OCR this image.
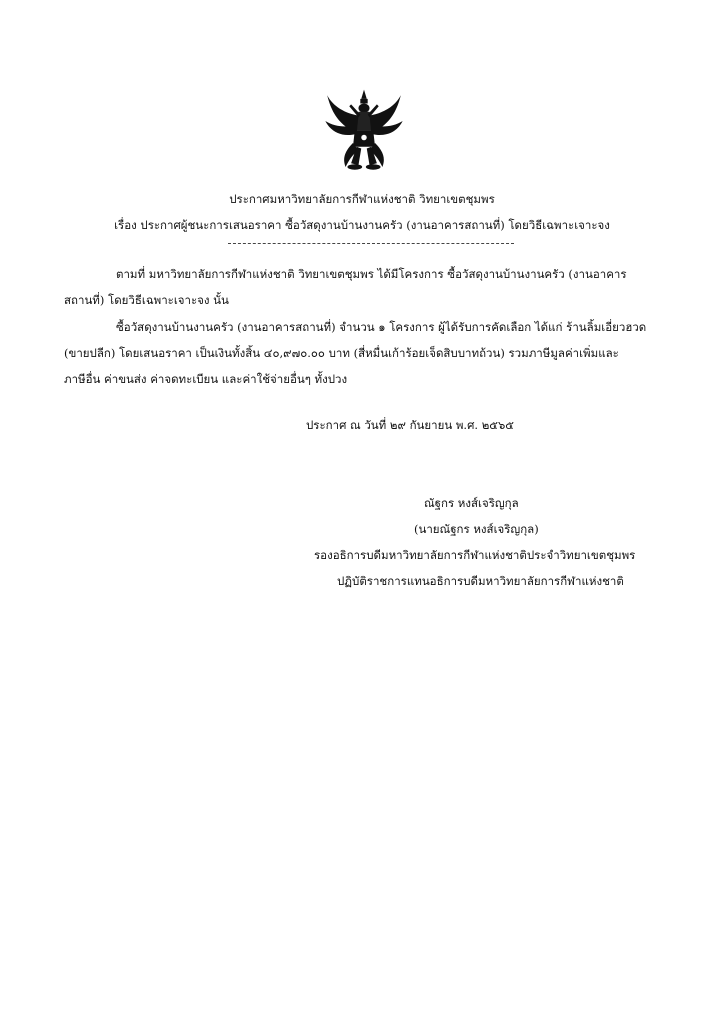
ประกาศมหาวิทยาลัยการกีฬาแห่งชาติ วิทยาเขตชุมพร
เรื่อง ประกาศผู้ชนะการเสนอราคา ซื้อวัสดุงานบ้านงานครัว (งานอาคารสถานที่) โดยวิธีเฉพาะเจาะจง
ตามที่ มหาวิทยาลัยการกีฬาแห่งชาติ วิทยาเขตชุมพร ได้มีโครงการ ซื้อวัสดุงานบ้านงานครัว (งานอาคาร
สถานที่) โดยวิธีเฉพาะเจาะจง นั้น
ซื้อวัสดุงานบ้านงานครัว (งานอาคารสถานที่) จำนวน ๑ โครงการ ผู้ได้รับการคัดเลือก ได้แก่ ร้านลิ้มเอี่ยวฮวด
(ขายปลีก) โดยเสนอราคา เป็นเงินทั้งสิ้น ๔๐,๙๗๐.๐๐ บาท (สี่หมื่นเก้าร้อยเจ็ดสิบบาทถ้วน) รวมภาษีมูลค่าเพิ่มและ
ภาษีอื่น ค่าขนส่ง ค่าจดทะเบียน และค่าใช้จ่ายอื่นๆ ทั้งปวง
ประกาศ ณ วันที่ ๒๙ กันยายน พ.ศ. ๒๕๖๕
ณัฐกร หงส์เจริญกุล
(นายณัฐกร หงส์เจริญกุล)
รองอธิการบดีมหาวิทยาลัยการกีฬาแห่งชาติประจำวิทยาเขตชุมพร
ปฏิบัติราชการแทนอธิการบดีมหาวิทยาลัยการกีฬาแห่งชาติ
